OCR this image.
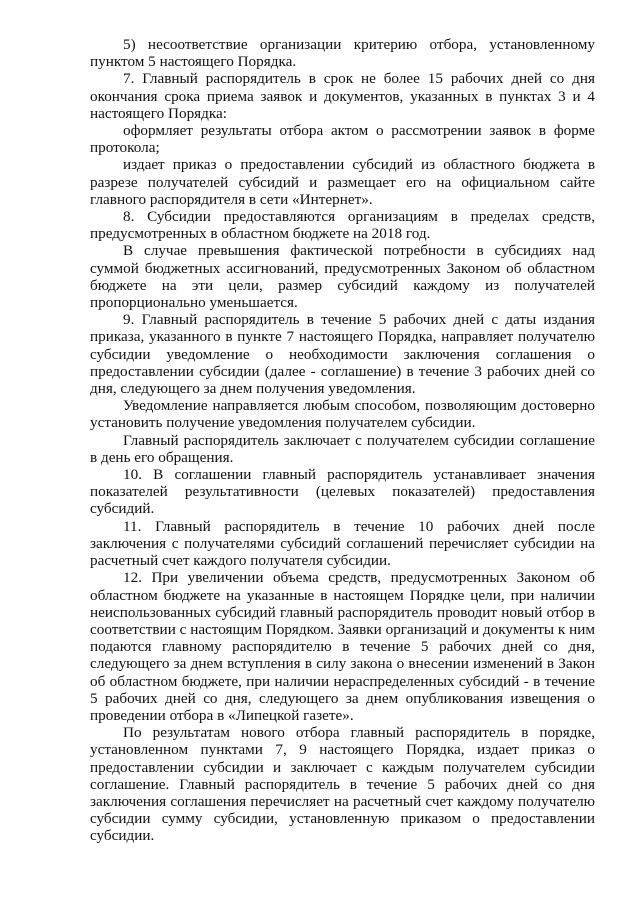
5) несоответствие организации критерию отбора, установленному пунктом 5 настоящего Порядка.

7. Главный распорядитель в срок не более 15 рабочих дней со дня окончания срока приема заявок и документов, указанных в пунктах 3 и 4 настоящего Порядка:

оформляет результаты отбора актом о рассмотрении заявок в форме протокола;

издает приказ о предоставлении субсидий из областного бюджета в разрезе получателей субсидий и размещает его на официальном сайте главного распорядителя в сети «Интернет».

8. Субсидии предоставляются организациям в пределах средств, предусмотренных в областном бюджете на 2018 год.

В случае превышения фактической потребности в субсидиях над суммой бюджетных ассигнований, предусмотренных Законом об областном бюджете на эти цели, размер субсидий каждому из получателей пропорционально уменьшается.

9. Главный распорядитель в течение 5 рабочих дней с даты издания приказа, указанного в пункте 7 настоящего Порядка, направляет получателю субсидии уведомление о необходимости заключения соглашения о предоставлении субсидии (далее - соглашение) в течение 3 рабочих дней со дня, следующего за днем получения уведомления.

Уведомление направляется любым способом, позволяющим достоверно установить получение уведомления получателем субсидии.

Главный распорядитель заключает с получателем субсидии соглашение в день его обращения.

10. В соглашении главный распорядитель устанавливает значения показателей результативности (целевых показателей) предоставления субсидий.

11. Главный распорядитель в течение 10 рабочих дней после заключения с получателями субсидий соглашений перечисляет субсидии на расчетный счет каждого получателя субсидии.

12. При увеличении объема средств, предусмотренных Законом об областном бюджете на указанные в настоящем Порядке цели, при наличии неиспользованных субсидий главный распорядитель проводит новый отбор в соответствии с настоящим Порядком. Заявки организаций и документы к ним подаются главному распорядителю в течение 5 рабочих дней со дня, следующего за днем вступления в силу закона о внесении изменений в Закон об областном бюджете, при наличии нераспределенных субсидий - в течение 5 рабочих дней со дня, следующего за днем опубликования извещения о проведении отбора в «Липецкой газете».

По результатам нового отбора главный распорядитель в порядке, установленном пунктами 7, 9 настоящего Порядка, издает приказ о предоставлении субсидии и заключает с каждым получателем субсидии соглашение. Главный распорядитель в течение 5 рабочих дней со дня заключения соглашения перечисляет на расчетный счет каждому получателю субсидии сумму субсидии, установленную приказом о предоставлении субсидии.
